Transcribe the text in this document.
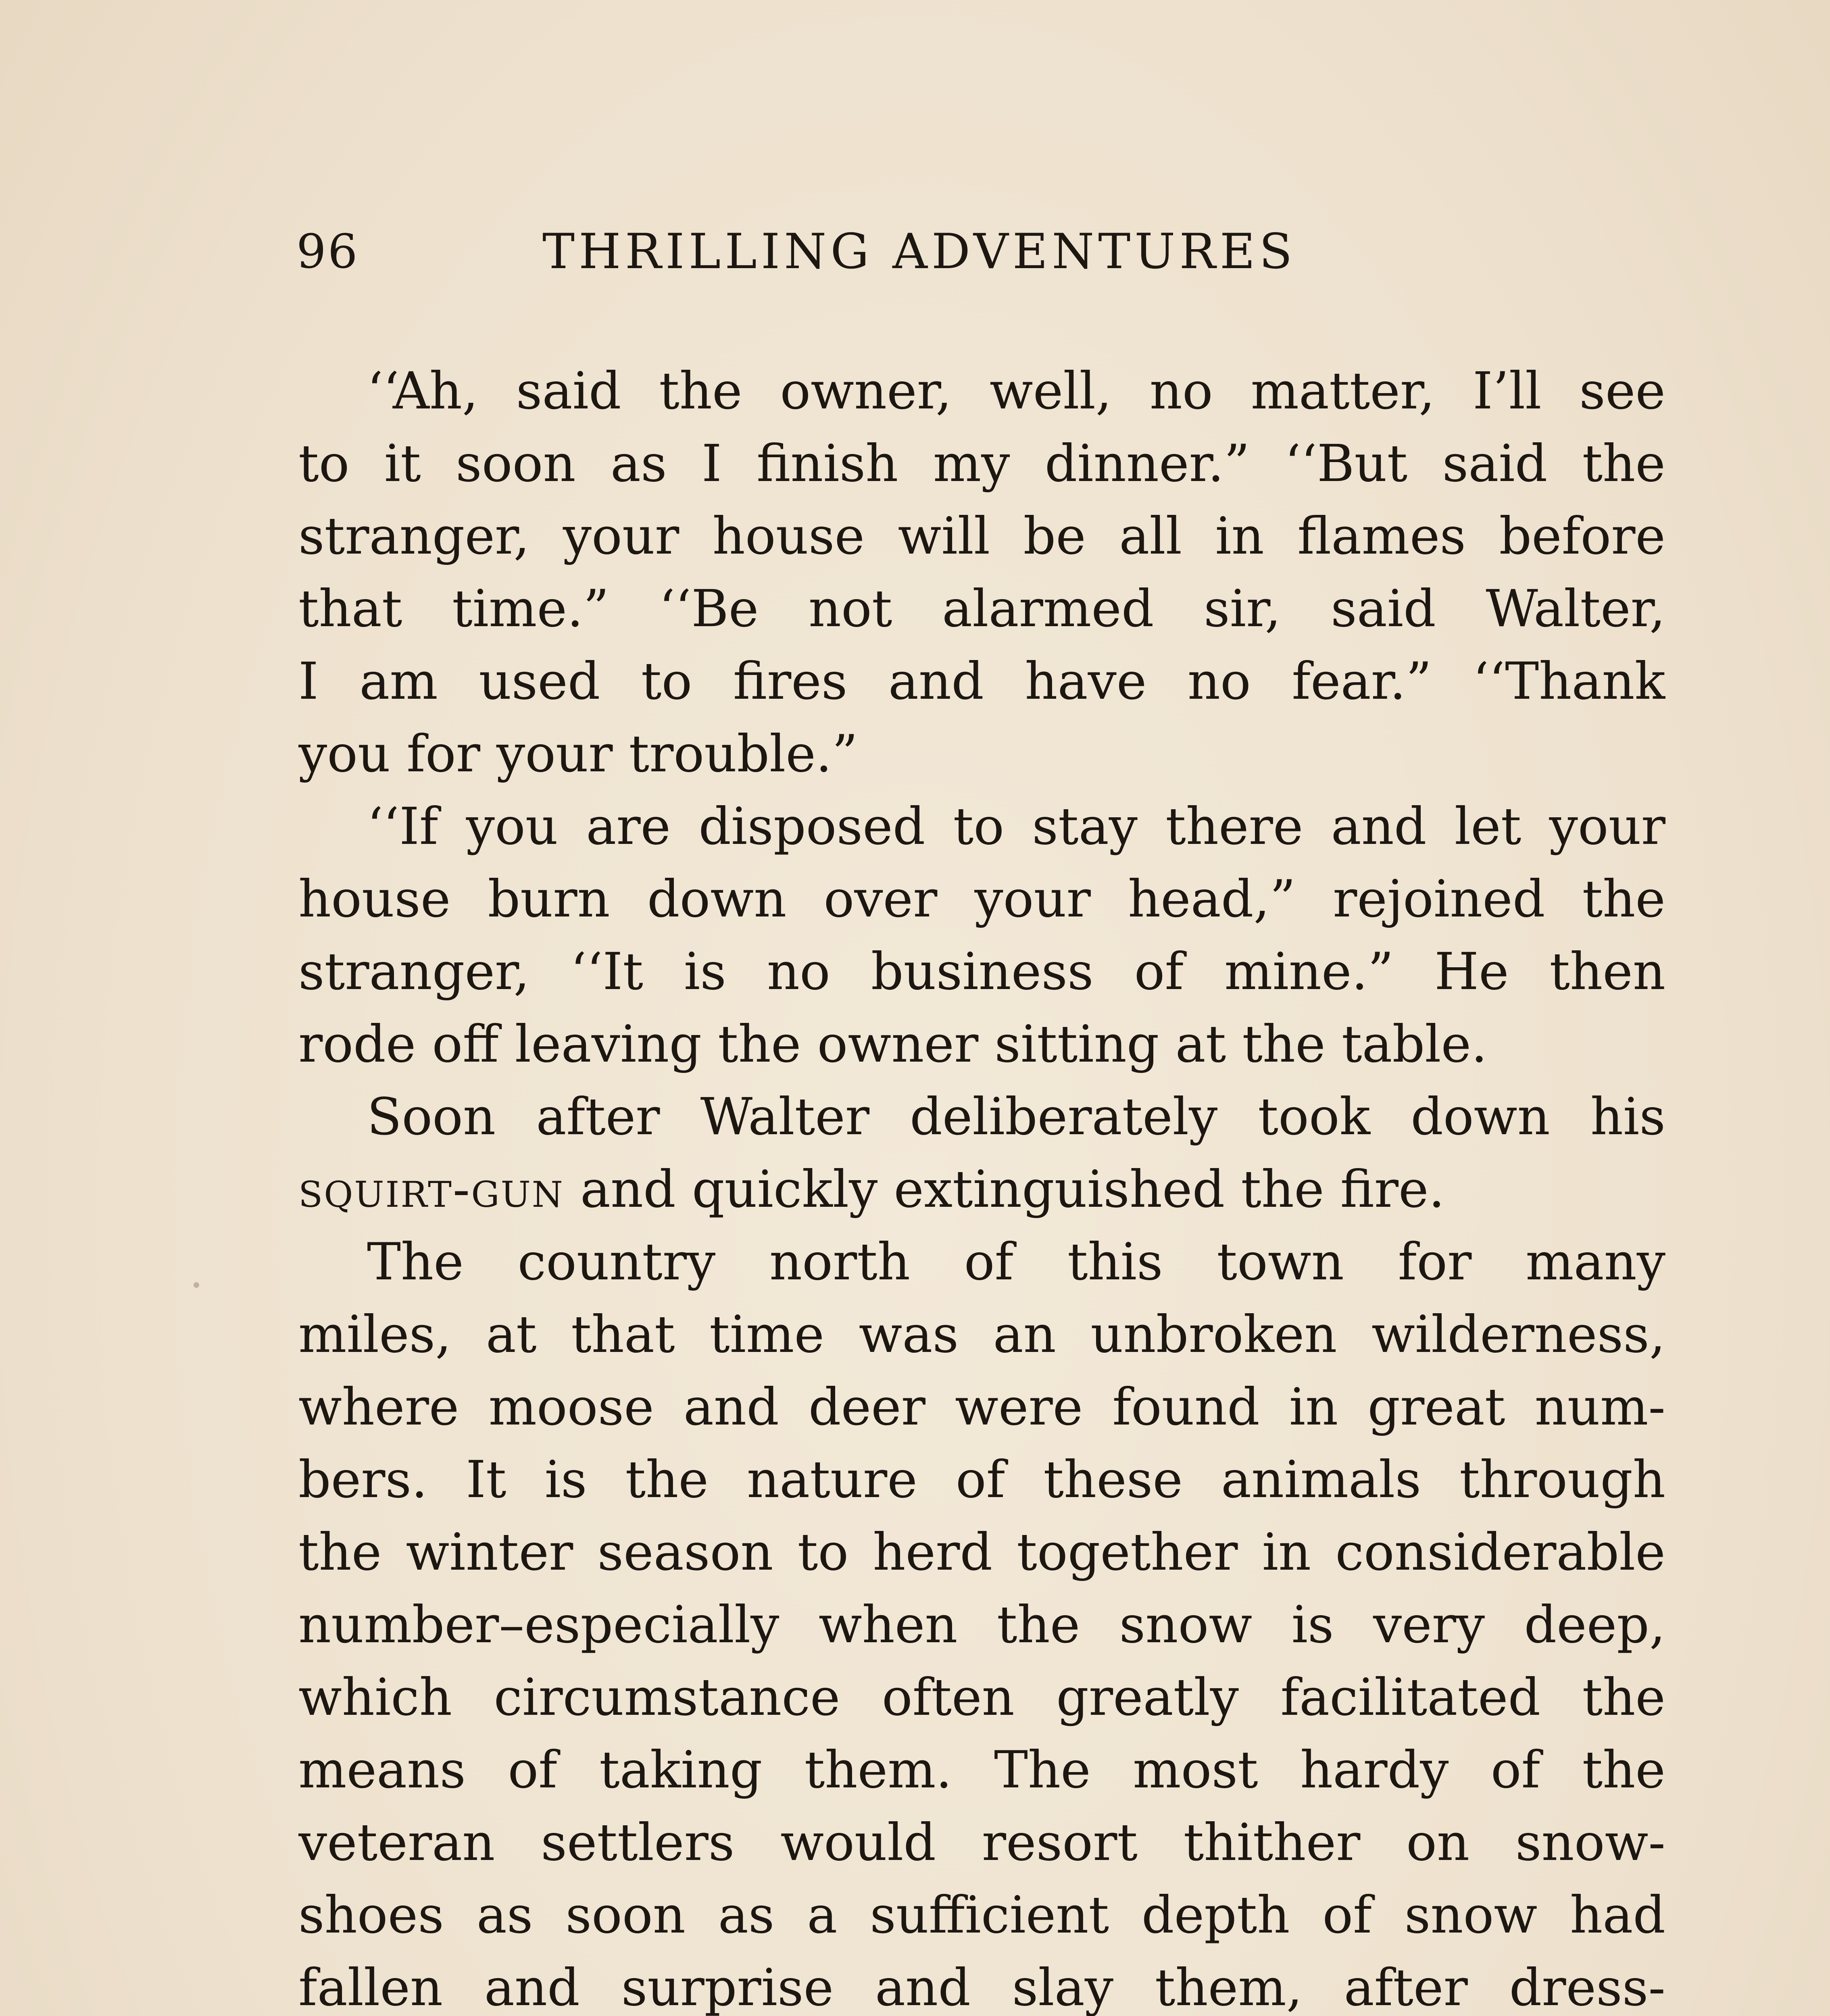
96	THRILLING ADVENTURES
‘‘Ah, said the owner, well, no matter, I’ll see
to it soon as I finish my dinner.” ‘‘But said the
stranger, your house will be all in flames before
that time.” ‘‘Be not alarmed sir, said Walter,
I am used to fires and have no fear.” ‘‘Thank
you for your trouble.”
‘‘If you are disposed to stay there and let your
house burn down over your head,” rejoined the
stranger, ‘‘It is no business of mine.” He then
rode off leaving the owner sitting at the table.
Soon after Walter deliberately took down his
squirt-gun and quickly extinguished the fire.
The country north of this town for many
miles, at that time was an unbroken wilderness,
where moose and deer were found in great num-
bers. It is the nature of these animals through
the winter season to herd together in considerable
number–especially when the snow is very deep,
which circumstance often greatly facilitated the
means of taking them. The most hardy of the
veteran settlers would resort thither on snow-
shoes as soon as a sufficient depth of snow had
fallen and surprise and slay them, after dress-
